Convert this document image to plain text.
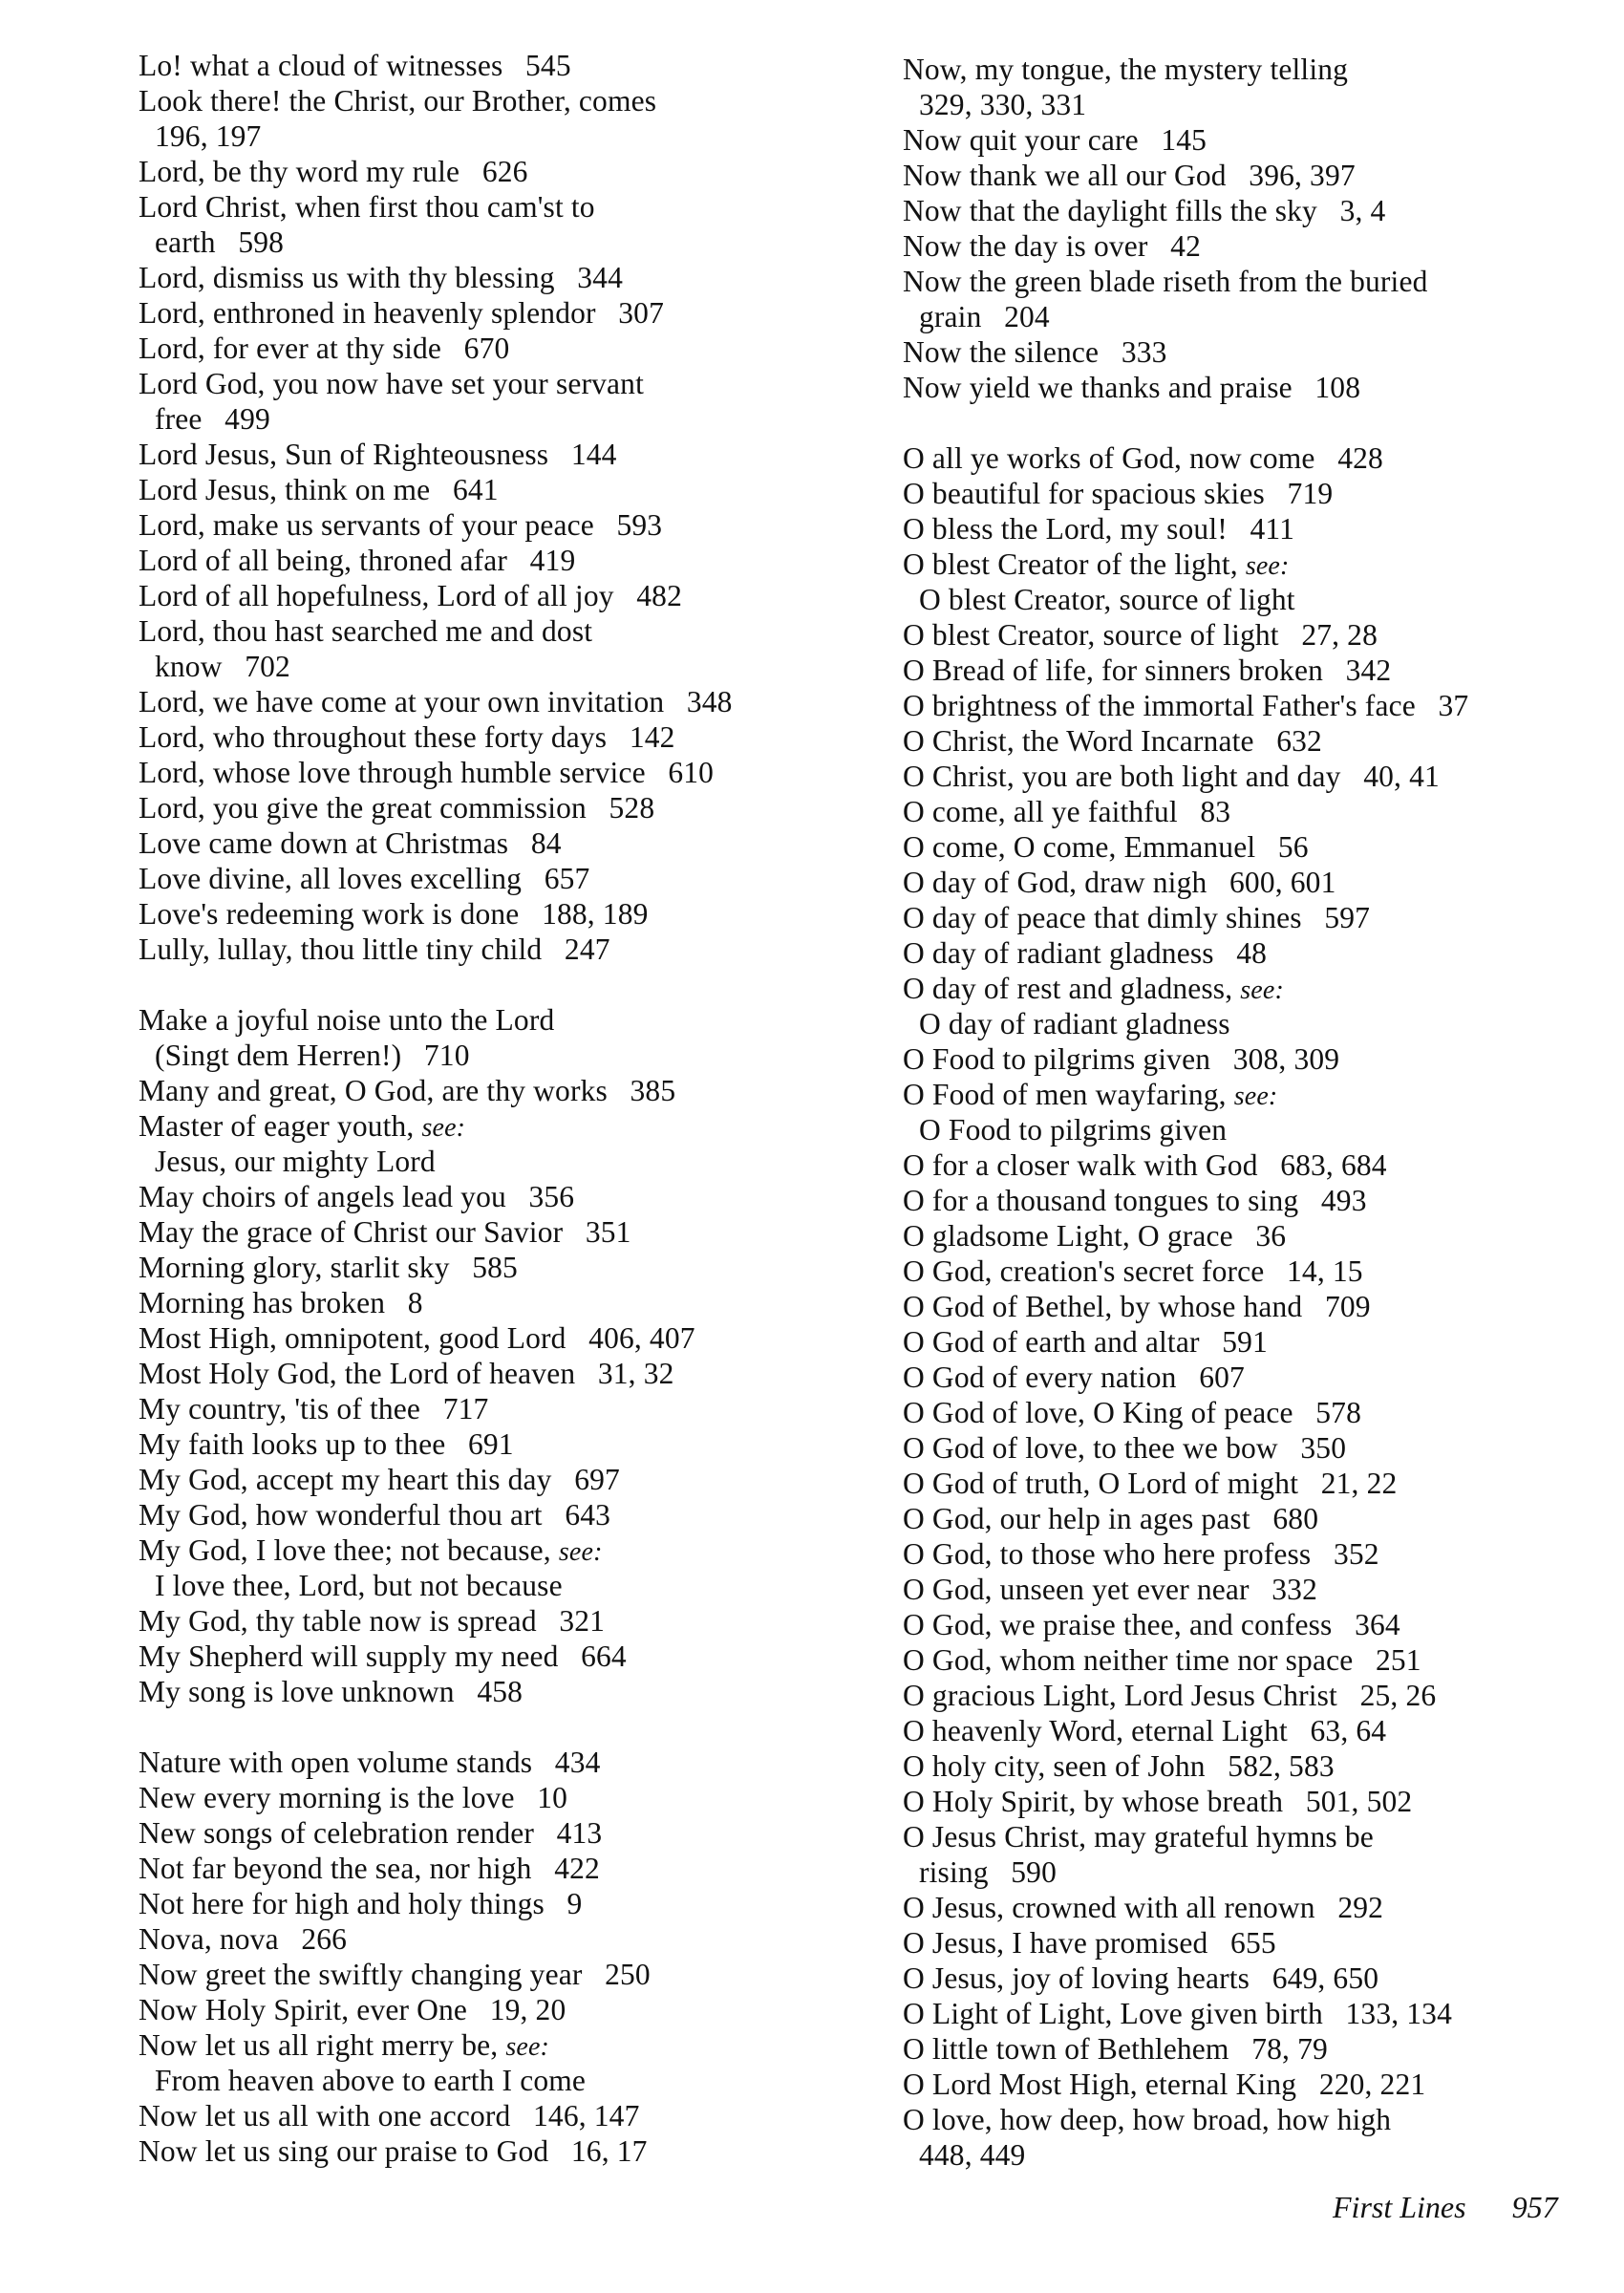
Lo! what a cloud of witnesses 545
Look there! the Christ, our Brother, comes
196, 197
Lord, be thy word my rule 626
Lord Christ, when first thou cam'st to
earth 598
Lord, dismiss us with thy blessing 344
Lord, enthroned in heavenly splendor 307
Lord, for ever at thy side 670
Lord God, you now have set your servant
free 499
Lord Jesus, Sun of Righteousness 144
Lord Jesus, think on me 641
Lord, make us servants of your peace 593
Lord of all being, throned afar 419
Lord of all hopefulness, Lord of all joy 482
Lord, thou hast searched me and dost
know 702
Lord, we have come at your own invitation 348
Lord, who throughout these forty days 142
Lord, whose love through humble service 610
Lord, you give the great commission 528
Love came down at Christmas 84
Love divine, all loves excelling 657
Love's redeeming work is done 188, 189
Lully, lullay, thou little tiny child 247
Make a joyful noise unto the Lord
(Singt dem Herren!) 710
Many and great, O God, are thy works 385
Master of eager youth, see:
Jesus, our mighty Lord
May choirs of angels lead you 356
May the grace of Christ our Savior 351
Morning glory, starlit sky 585
Morning has broken 8
Most High, omnipotent, good Lord 406, 407
Most Holy God, the Lord of heaven 31, 32
My country, 'tis of thee 717
My faith looks up to thee 691
My God, accept my heart this day 697
My God, how wonderful thou art 643
My God, I love thee; not because, see:
I love thee, Lord, but not because
My God, thy table now is spread 321
My Shepherd will supply my need 664
My song is love unknown 458
Nature with open volume stands 434
New every morning is the love 10
New songs of celebration render 413
Not far beyond the sea, nor high 422
Not here for high and holy things 9
Nova, nova 266
Now greet the swiftly changing year 250
Now Holy Spirit, ever One 19, 20
Now let us all right merry be, see:
From heaven above to earth I come
Now let us all with one accord 146, 147
Now let us sing our praise to God 16, 17
Now, my tongue, the mystery telling
329, 330, 331
Now quit your care 145
Now thank we all our God 396, 397
Now that the daylight fills the sky 3, 4
Now the day is over 42
Now the green blade riseth from the buried
grain 204
Now the silence 333
Now yield we thanks and praise 108
O all ye works of God, now come 428
O beautiful for spacious skies 719
O bless the Lord, my soul! 411
O blest Creator of the light, see:
O blest Creator, source of light
O blest Creator, source of light 27, 28
O Bread of life, for sinners broken 342
O brightness of the immortal Father's face 37
O Christ, the Word Incarnate 632
O Christ, you are both light and day 40, 41
O come, all ye faithful 83
O come, O come, Emmanuel 56
O day of God, draw nigh 600, 601
O day of peace that dimly shines 597
O day of radiant gladness 48
O day of rest and gladness, see:
O day of radiant gladness
O Food to pilgrims given 308, 309
O Food of men wayfaring, see:
O Food to pilgrims given
O for a closer walk with God 683, 684
O for a thousand tongues to sing 493
O gladsome Light, O grace 36
O God, creation's secret force 14, 15
O God of Bethel, by whose hand 709
O God of earth and altar 591
O God of every nation 607
O God of love, O King of peace 578
O God of love, to thee we bow 350
O God of truth, O Lord of might 21, 22
O God, our help in ages past 680
O God, to those who here profess 352
O God, unseen yet ever near 332
O God, we praise thee, and confess 364
O God, whom neither time nor space 251
O gracious Light, Lord Jesus Christ 25, 26
O heavenly Word, eternal Light 63, 64
O holy city, seen of John 582, 583
O Holy Spirit, by whose breath 501, 502
O Jesus Christ, may grateful hymns be
rising 590
O Jesus, crowned with all renown 292
O Jesus, I have promised 655
O Jesus, joy of loving hearts 649, 650
O Light of Light, Love given birth 133, 134
O little town of Bethlehem 78, 79
O Lord Most High, eternal King 220, 221
O love, how deep, how broad, how high
448, 449
First Lines 957
